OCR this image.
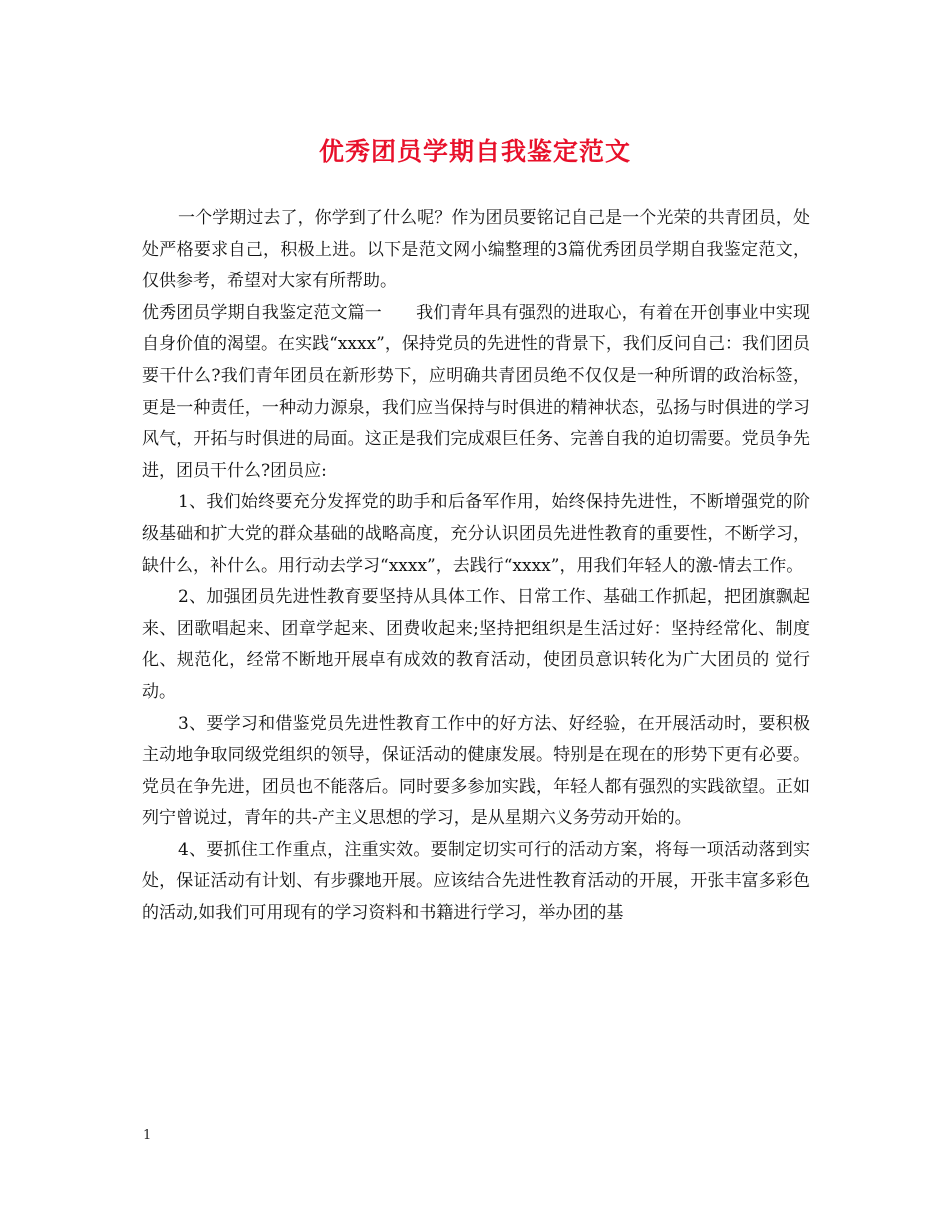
优秀团员学期自我鉴定范文

一个学期过去了，你学到了什么呢？作为团员要铭记自己是一个光荣的共青团员，处处严格要求自己，积极上进。以下是范文网小编整理的3篇优秀团员学期自我鉴定范文，仅供参考，希望对大家有所帮助。

优秀团员学期自我鉴定范文篇一　　我们青年具有强烈的进取心，有着在开创事业中实现自身价值的渴望。在实践“xxxx”，保持党员的先进性的背景下，我们反问自己：我们团员要干什么?我们青年团员在新形势下，应明确共青团员绝不仅仅是一种所谓的政治标签，更是一种责任，一种动力源泉，我们应当保持与时俱进的精神状态，弘扬与时俱进的学习风气，开拓与时俱进的局面。这正是我们完成艰巨任务、完善自我的迫切需要。党员争先进，团员干什么?团员应:

1、我们始终要充分发挥党的助手和后备军作用，始终保持先进性，不断增强党的阶级基础和扩大党的群众基础的战略高度，充分认识团员先进性教育的重要性，不断学习，缺什么，补什么。用行动去学习“xxxx”，去践行“xxxx”，用我们年轻人的激-情去工作。

2、加强团员先进性教育要坚持从具体工作、日常工作、基础工作抓起，把团旗飘起来、团歌唱起来、团章学起来、团费收起来;坚持把组织是生活过好：坚持经常化、制度化、规范化，经常不断地开展卓有成效的教育活动，使团员意识转化为广大团员的 觉行动。

3、要学习和借鉴党员先进性教育工作中的好方法、好经验，在开展活动时，要积极主动地争取同级党组织的领导，保证活动的健康发展。特别是在现在的形势下更有必要。党员在争先进，团员也不能落后。同时要多参加实践，年轻人都有强烈的实践欲望。正如列宁曾说过，青年的共-产主义思想的学习，是从星期六义务劳动开始的。

4、要抓住工作重点，注重实效。要制定切实可行的活动方案，将每一项活动落到实处，保证活动有计划、有步骤地开展。应该结合先进性教育活动的开展，开张丰富多彩色的活动,如我们可用现有的学习资料和书籍进行学习，举办团的基

1
